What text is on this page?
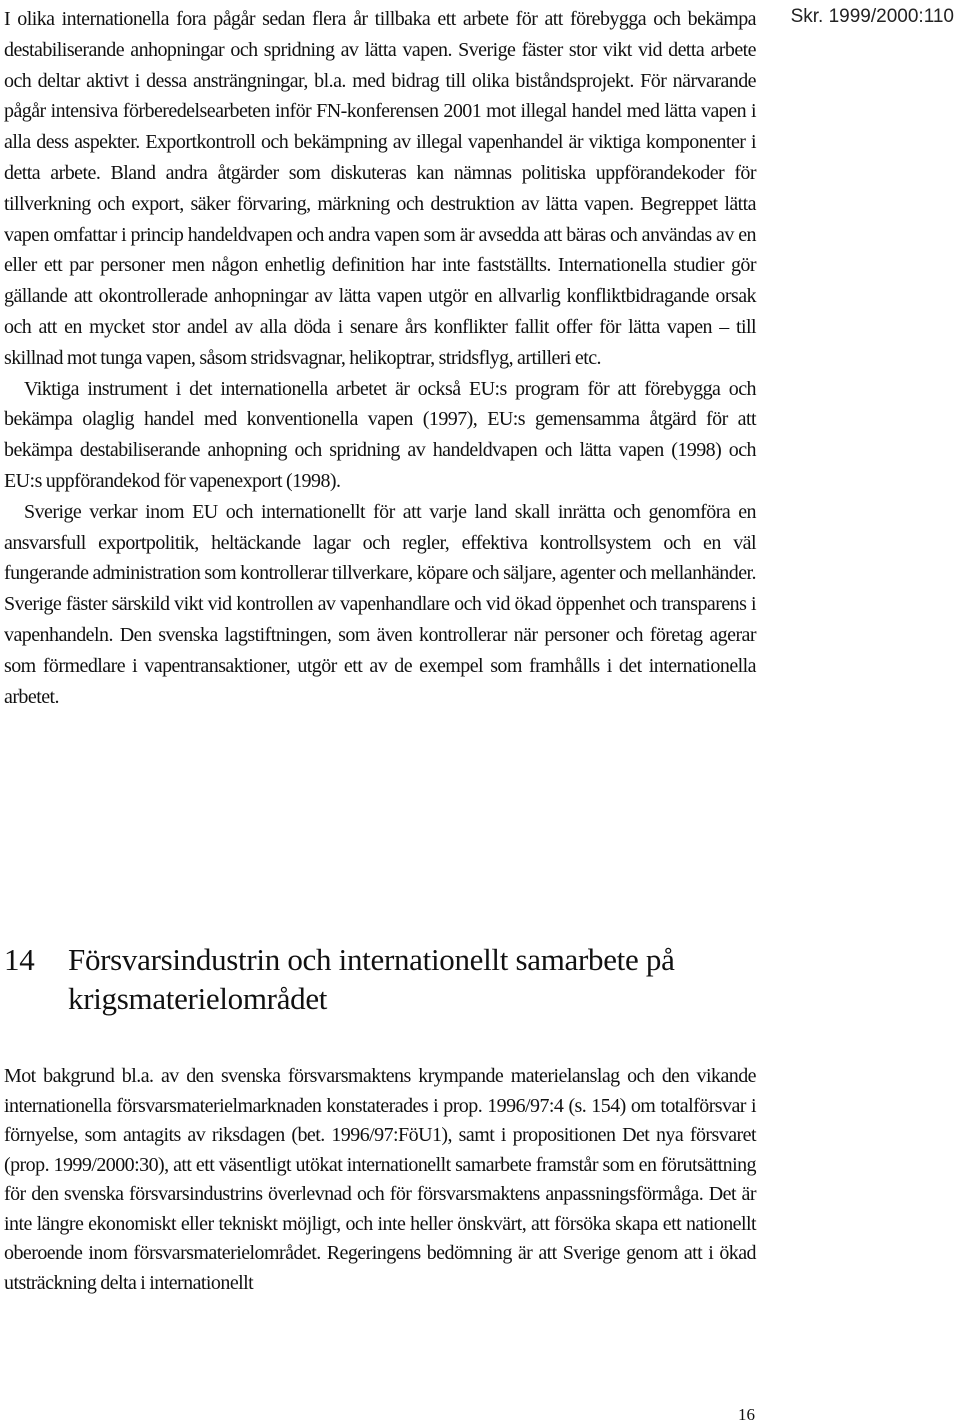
Skr. 1999/2000:110

I olika internationella fora pågår sedan flera år tillbaka ett arbete för att förebygga och bekämpa destabiliserande anhopningar och spridning av lätta vapen. Sverige fäster stor vikt vid detta arbete och deltar aktivt i dessa ansträngningar, bl.a. med bidrag till olika biståndsprojekt. För närvarande pågår intensiva förberedelsearbeten inför FN-konferensen 2001 mot illegal handel med lätta vapen i alla dess aspekter. Exportkontroll och bekämpning av illegal vapenhandel är viktiga komponenter i detta arbete. Bland andra åtgärder som diskuteras kan nämnas politiska uppförandekoder för tillverkning och export, säker förvaring, märkning och destruktion av lätta vapen. Begreppet lätta vapen omfattar i princip handeldvapen och andra vapen som är avsedda att bäras och användas av en eller ett par personer men någon enhetlig definition har inte fastställts. Internationella studier gör gällande att okontrollerade anhopningar av lätta vapen utgör en allvarlig konfliktbidragande orsak och att en mycket stor andel av alla döda i senare års konflikter fallit offer för lätta vapen – till skillnad mot tunga vapen, såsom stridsvagnar, helikoptrar, stridsflyg, artilleri etc.

Viktiga instrument i det internationella arbetet är också EU:s program för att förebygga och bekämpa olaglig handel med konventionella vapen (1997), EU:s gemensamma åtgärd för att bekämpa destabiliserande anhopning och spridning av handeldvapen och lätta vapen (1998) och EU:s uppförandekod för vapenexport (1998).

Sverige verkar inom EU och internationellt för att varje land skall inrätta och genomföra en ansvarsfull exportpolitik, heltäckande lagar och regler, effektiva kontrollsystem och en väl fungerande administration som kontrollerar tillverkare, köpare och säljare, agenter och mellanhänder. Sverige fäster särskild vikt vid kontrollen av vapenhandlare och vid ökad öppenhet och transparens i vapenhandeln. Den svenska lagstiftningen, som även kontrollerar när personer och företag agerar som förmedlare i vapentransaktioner, utgör ett av de exempel som framhålls i det internationella arbetet.

14	Försvarsindustrin och internationellt samarbete på krigsmaterielområdet

Mot bakgrund bl.a. av den svenska försvarsmaktens krympande materielanslag och den vikande internationella försvarsmaterielmarknaden konstaterades i prop. 1996/97:4 (s. 154) om totalförsvar i förnyelse, som antagits av riksdagen (bet. 1996/97:FöU1), samt i propositionen Det nya försvaret (prop. 1999/2000:30), att ett väsentligt utökat internationellt samarbete framstår som en förutsättning för den svenska försvarsindustrins överlevnad och för försvarsmaktens anpassningsförmåga. Det är inte längre ekonomiskt eller tekniskt möjligt, och inte heller önskvärt, att försöka skapa ett nationellt oberoende inom försvarsmaterielområdet. Regeringens bedömning är att Sverige genom att i ökad utsträckning delta i internationellt

16
